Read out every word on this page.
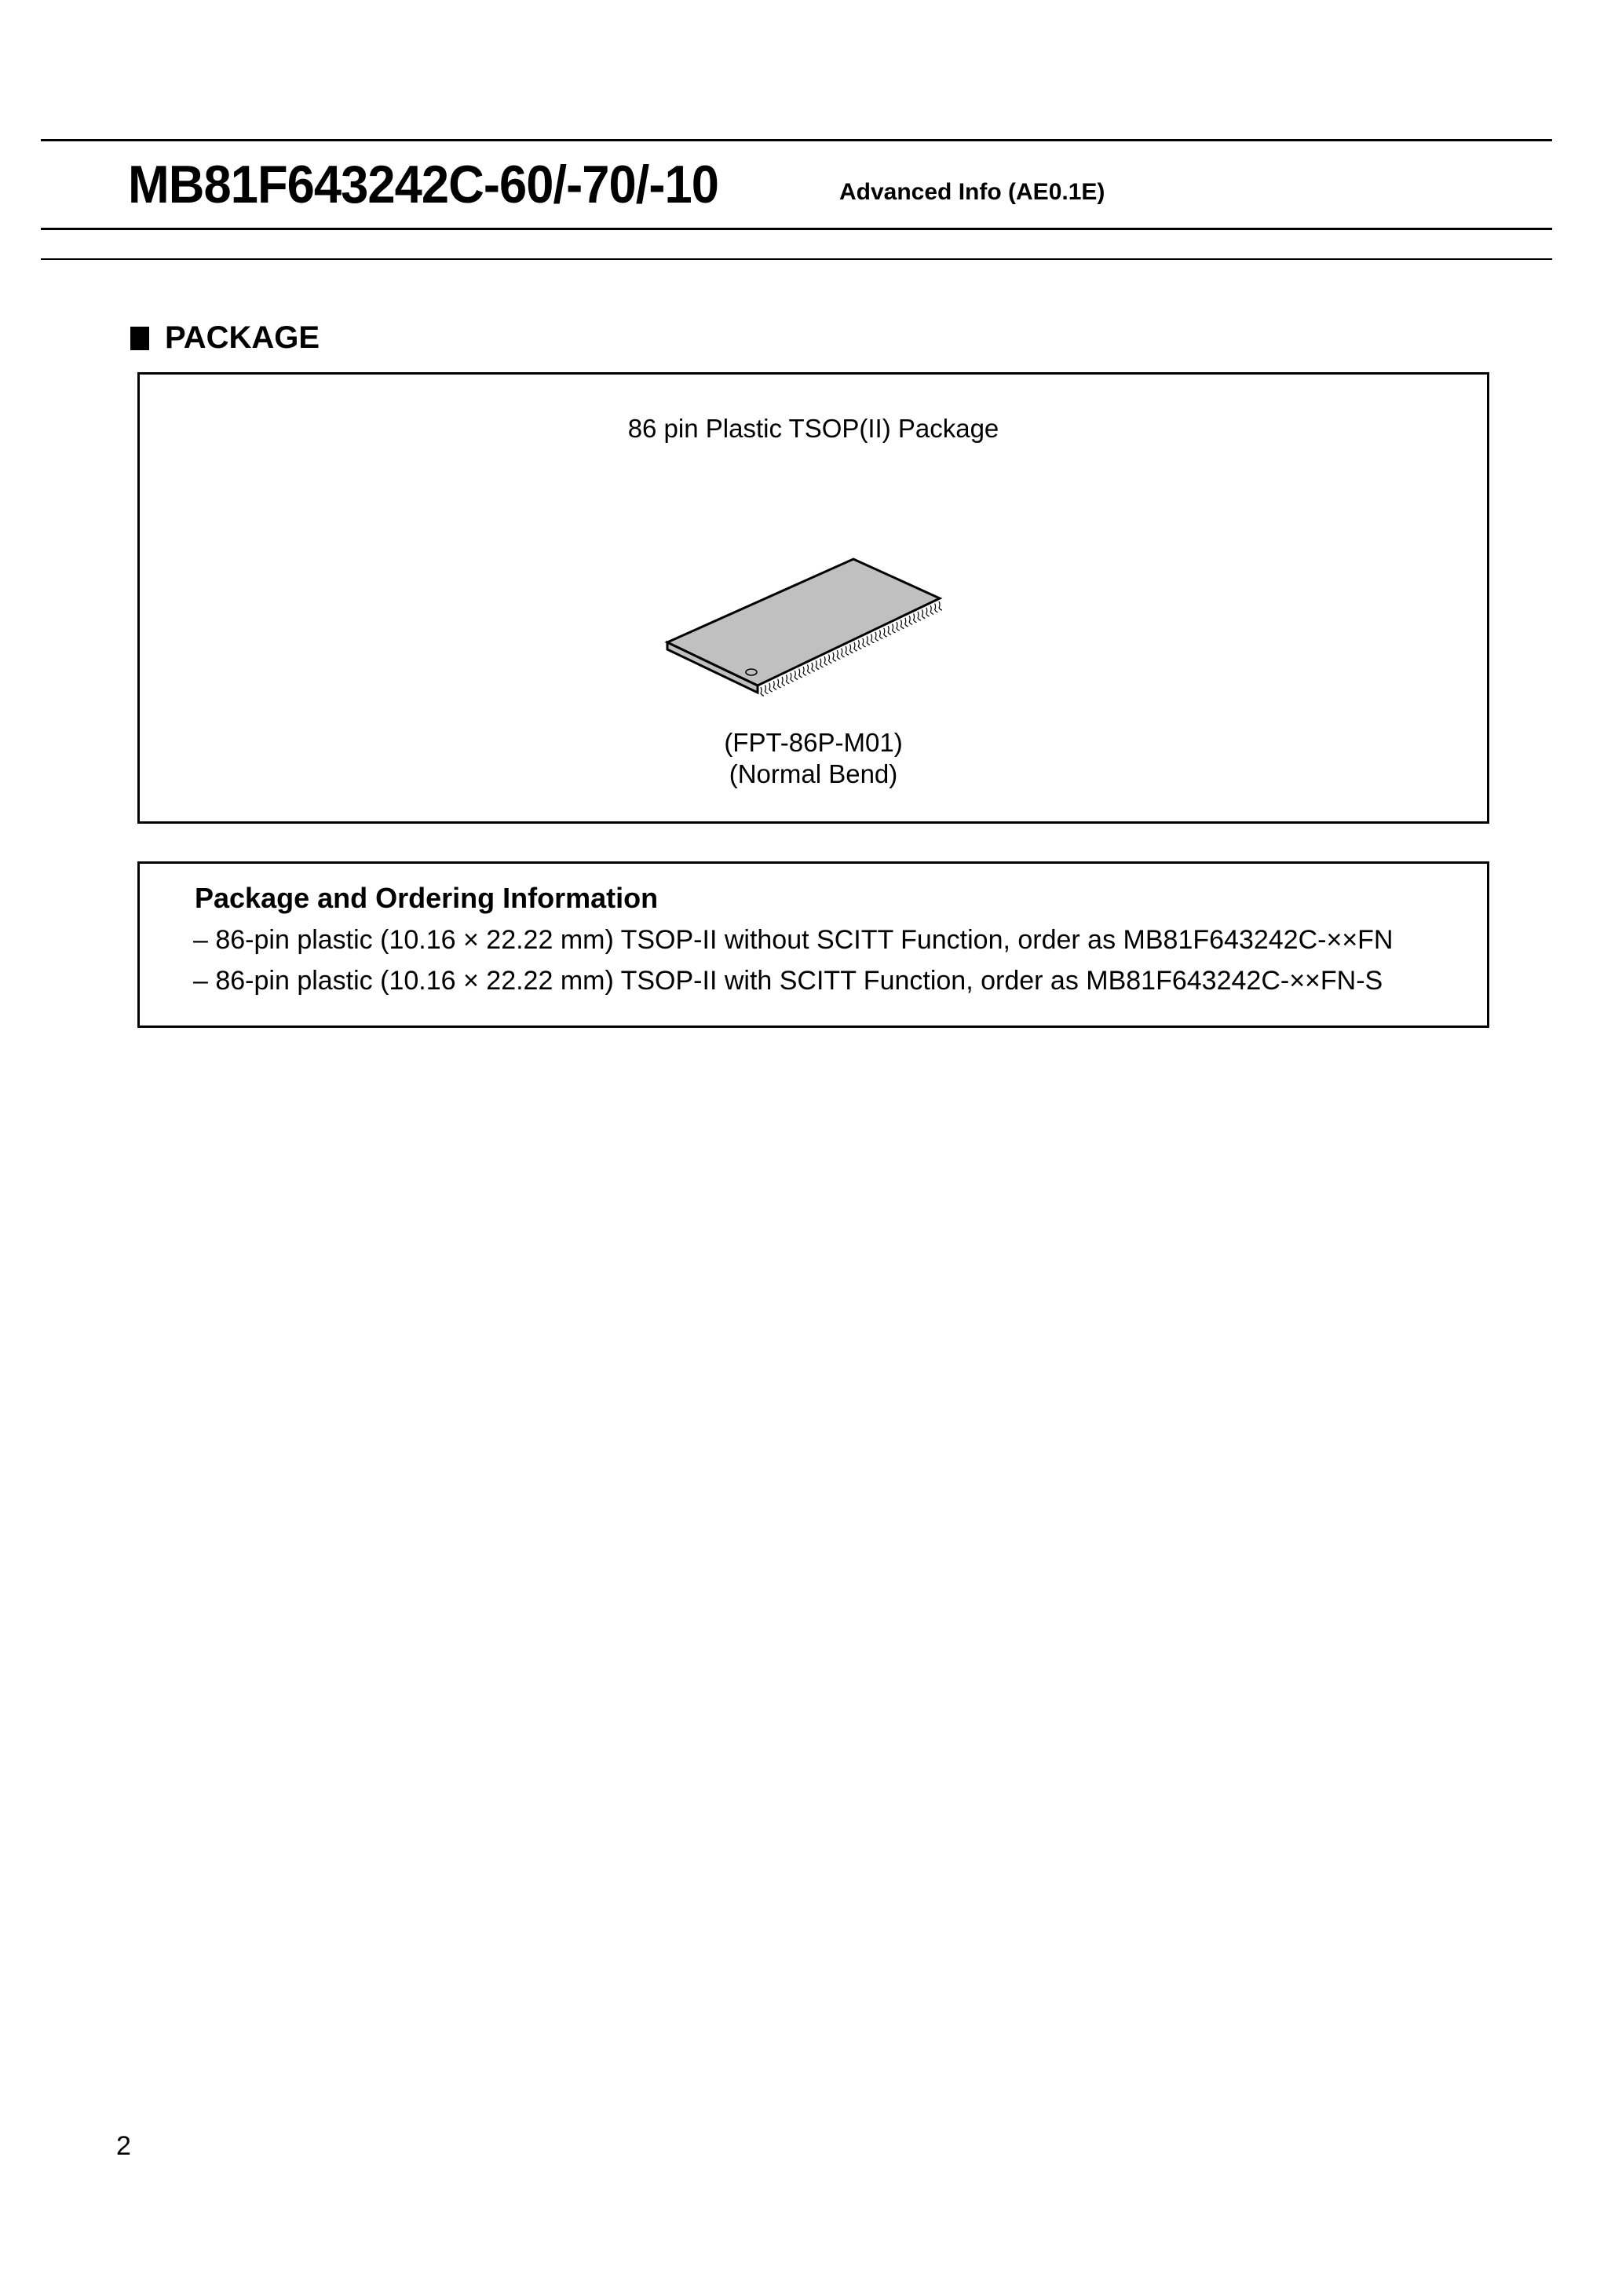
MB81F643242C-60/-70/-10	Advanced Info (AE0.1E)
PACKAGE
86 pin Plastic TSOP(II) Package
(FPT-86P-M01)
(Normal Bend)
Package and Ordering Information
– 86-pin plastic (10.16 × 22.22 mm) TSOP-II without SCITT Function, order as MB81F643242C-××FN
– 86-pin plastic (10.16 × 22.22 mm) TSOP-II with SCITT Function, order as MB81F643242C-××FN-S
2
